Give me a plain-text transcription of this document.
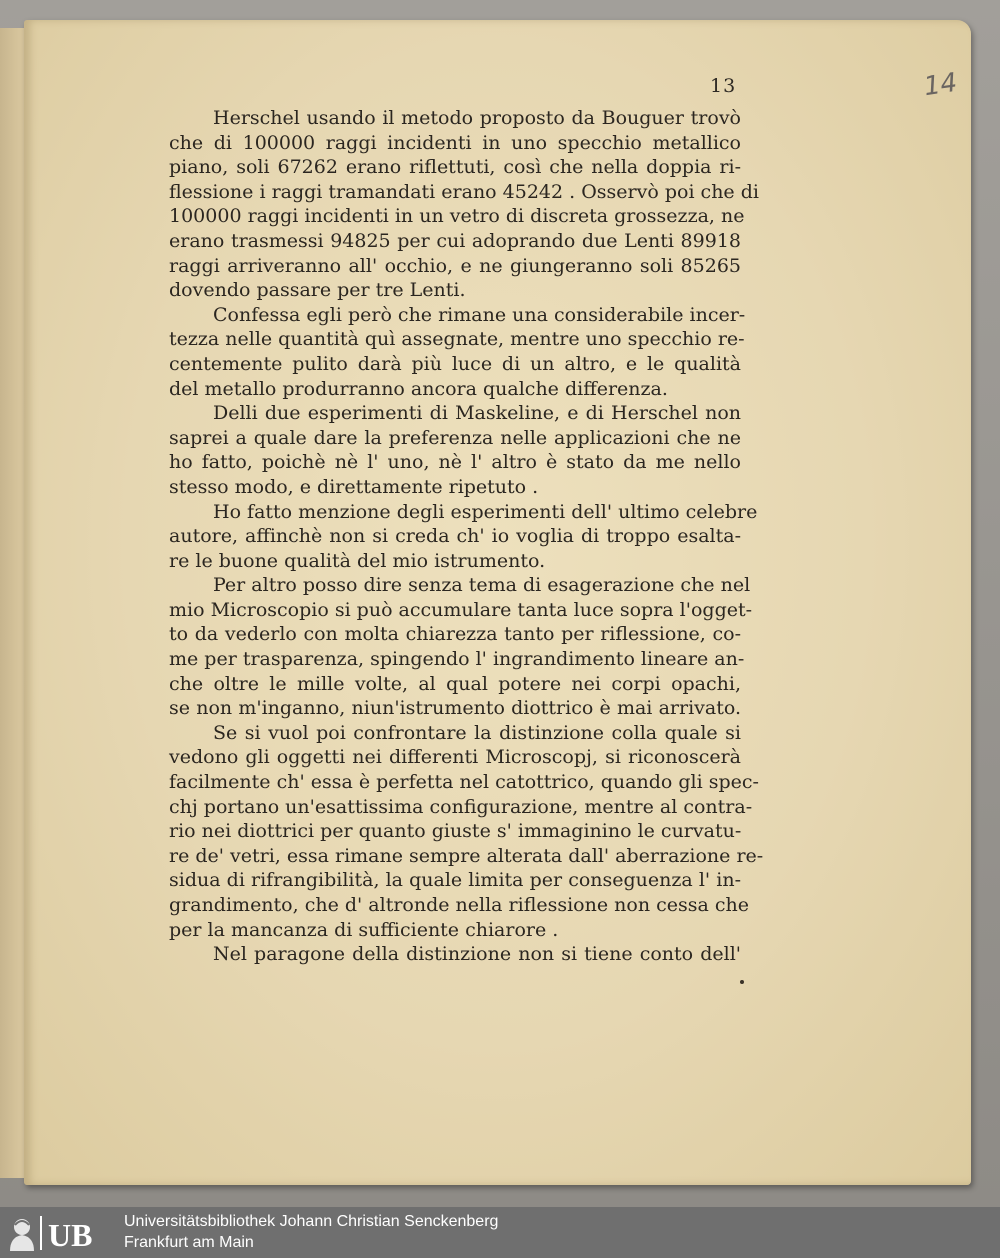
13	14
Herschel usando il metodo proposto da Bouguer trovò
che di 100000 raggi incidenti in uno specchio metallico
piano, soli 67262 erano riflettuti, così che nella doppia ri-
flessione i raggi tramandati erano 45242 . Osservò poi che di
100000 raggi incidenti in un vetro di discreta grossezza, ne
erano trasmessi 94825 per cui adoprando due Lenti 89918
raggi arriveranno all' occhio, e ne giungeranno soli 85265
dovendo passare per tre Lenti.
Confessa egli però che rimane una considerabile incer-
tezza nelle quantità quì assegnate, mentre uno specchio re-
centemente pulito darà più luce di un altro, e le qualità
del metallo produrranno ancora qualche differenza.
Delli due esperimenti di Maskeline, e di Herschel non
saprei a quale dare la preferenza nelle applicazioni che ne
ho fatto, poichè nè l' uno, nè l' altro è stato da me nello
stesso modo, e direttamente ripetuto .
Ho fatto menzione degli esperimenti dell' ultimo celebre
autore, affinchè non si creda ch' io voglia di troppo esalta-
re le buone qualità del mio istrumento.
Per altro posso dire senza tema di esagerazione che nel
mio Microscopio si può accumulare tanta luce sopra l'ogget-
to da vederlo con molta chiarezza tanto per riflessione, co-
me per trasparenza, spingendo l' ingrandimento lineare an-
che oltre le mille volte, al qual potere nei corpi opachi,
se non m'inganno, niun'istrumento diottrico è mai arrivato.
Se si vuol poi confrontare la distinzione colla quale si
vedono gli oggetti nei differenti Microscopj, si riconoscerà
facilmente ch' essa è perfetta nel catottrico, quando gli spec-
chj portano un'esattissima configurazione, mentre al contra-
rio nei diottrici per quanto giuste s' immaginino le curvatu-
re de' vetri, essa rimane sempre alterata dall' aberrazione re-
sidua di rifrangibilità, la quale limita per conseguenza l' in-
grandimento, che d' altronde nella riflessione non cessa che
per la mancanza di sufficiente chiarore .
Nel paragone della distinzione non si tiene conto dell'
UB Universitätsbibliothek Johann Christian Senckenberg
Frankfurt am Main
